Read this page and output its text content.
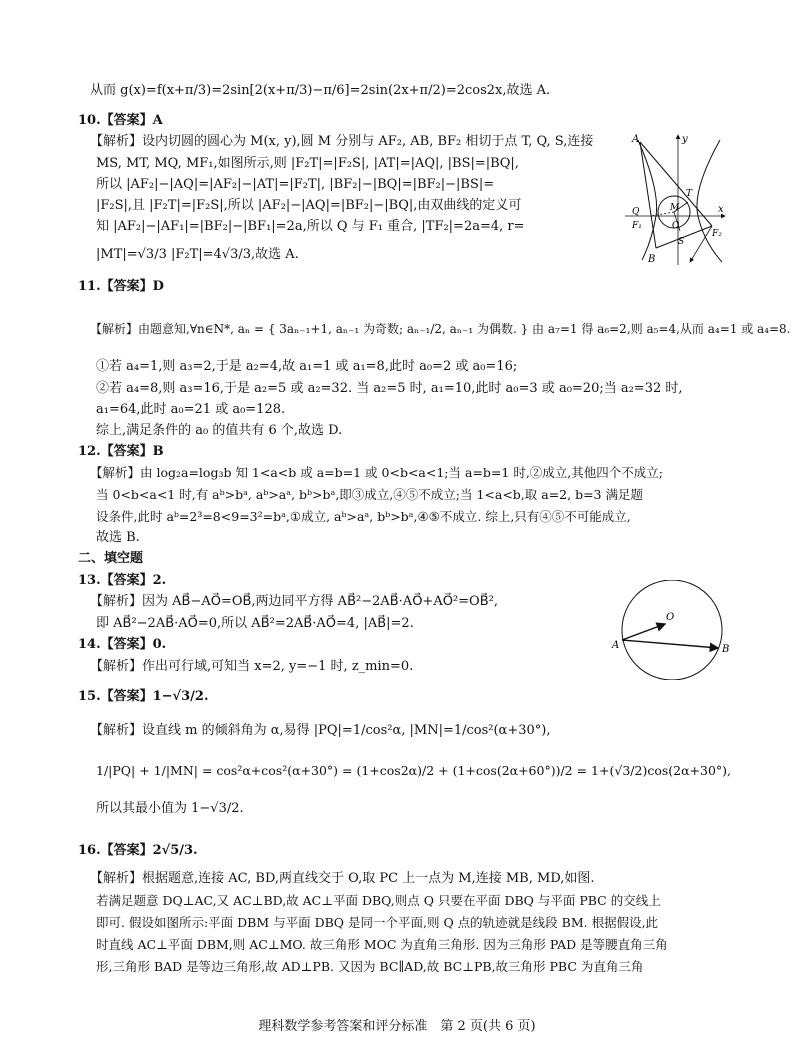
从而 g(x)=f(x+π/3)=2sin[2(x+π/3)−π/6]=2sin(2x+π/2)=2cos2x,故选 A.
10.【答案】A
【解析】设内切圆的圆心为 M(x, y),圆 M 分别与 AF₂, AB, BF₂ 相切于点 T, Q, S,连接
MS, MT, MQ, MF₁,如图所示,则 |F₂T|=|F₂S|, |AT|=|AQ|, |BS|=|BQ|,
所以 |AF₂|−|AQ|=|AF₂|−|AT|=|F₂T|, |BF₂|−|BQ|=|BF₂|−|BS|=
|F₂S|,且 |F₂T|=|F₂S|,所以 |AF₂|−|AQ|=|BF₂|−|BQ|,由双曲线的定义可
知 |AF₂|−|AF₁|=|BF₂|−|BF₁|=2a,所以 Q 与 F₁ 重合, |TF₂|=2a=4, r=
|MT|=√3/3 |F₂T|=4√3/3,故选 A.
11.【答案】D
【解析】由题意知,∀n∈N*, aₙ = { 3aₙ₋₁+1, aₙ₋₁ 为奇数; aₙ₋₁/2, aₙ₋₁ 为偶数. } 由 a₇=1 得 a₆=2,则 a₅=4,从而 a₄=1 或 a₄=8.
①若 a₄=1,则 a₃=2,于是 a₂=4,故 a₁=1 或 a₁=8,此时 a₀=2 或 a₀=16;
②若 a₄=8,则 a₃=16,于是 a₂=5 或 a₂=32. 当 a₂=5 时, a₁=10,此时 a₀=3 或 a₀=20;当 a₂=32 时,
a₁=64,此时 a₀=21 或 a₀=128.
综上,满足条件的 a₀ 的值共有 6 个,故选 D.
12.【答案】B
【解析】由 log₂a=log₃b 知 1<a<b 或 a=b=1 或 0<b<a<1;当 a=b=1 时,②成立,其他四个不成立;
当 0<b<a<1 时,有 aᵇ>bᵃ, aᵇ>aᵃ, bᵇ>bᵃ,即③成立,④⑤不成立;当 1<a<b,取 a=2, b=3 满足题
设条件,此时 aᵇ=2³=8<9=3²=bᵃ,①成立, aᵇ>aᵃ, bᵇ>bᵃ,④⑤不成立. 综上,只有④⑤不可能成立,
故选 B.
二、填空题
13.【答案】2.
【解析】因为 AB⃗−AO⃗=OB⃗,两边同平方得 AB⃗²−2AB⃗·AO⃗+AO⃗²=OB⃗²,
即 AB⃗²−2AB⃗·AO⃗=0,所以 AB⃗²=2AB⃗·AO⃗=4, |AB⃗|=2.
14.【答案】0.
【解析】作出可行域,可知当 x=2, y=−1 时, z_min=0.
15.【答案】1−√3/2.
【解析】设直线 m 的倾斜角为 α,易得 |PQ|=1/cos²α, |MN|=1/cos²(α+30°),
1/|PQ| + 1/|MN| = cos²α+cos²(α+30°) = (1+cos2α)/2 + (1+cos(2α+60°))/2 = 1+(√3/2)cos(2α+30°),
所以其最小值为 1−√3/2.
16.【答案】2√5/3.
【解析】根据题意,连接 AC, BD,两直线交于 O,取 PC 上一点为 M,连接 MB, MD,如图.
若满足题意 DQ⊥AC,又 AC⊥BD,故 AC⊥平面 DBQ,则点 Q 只要在平面 DBQ 与平面 PBC 的交线上
即可. 假设如图所示:平面 DBM 与平面 DBQ 是同一个平面,则 Q 点的轨迹就是线段 BM. 根据假设,此
时直线 AC⊥平面 DBM,则 AC⊥MO. 故三角形 MOC 为直角三角形. 因为三角形 PAD 是等腰直角三角
形,三角形 BAD 是等边三角形,故 AD⊥PB. 又因为 BC∥AD,故 BC⊥PB,故三角形 PBC 为直角三角
A	y
T
Q	M
O
x
F₁
F₂
S
B
O
A	B
理科数学参考答案和评分标准　第 2 页(共 6 页)
